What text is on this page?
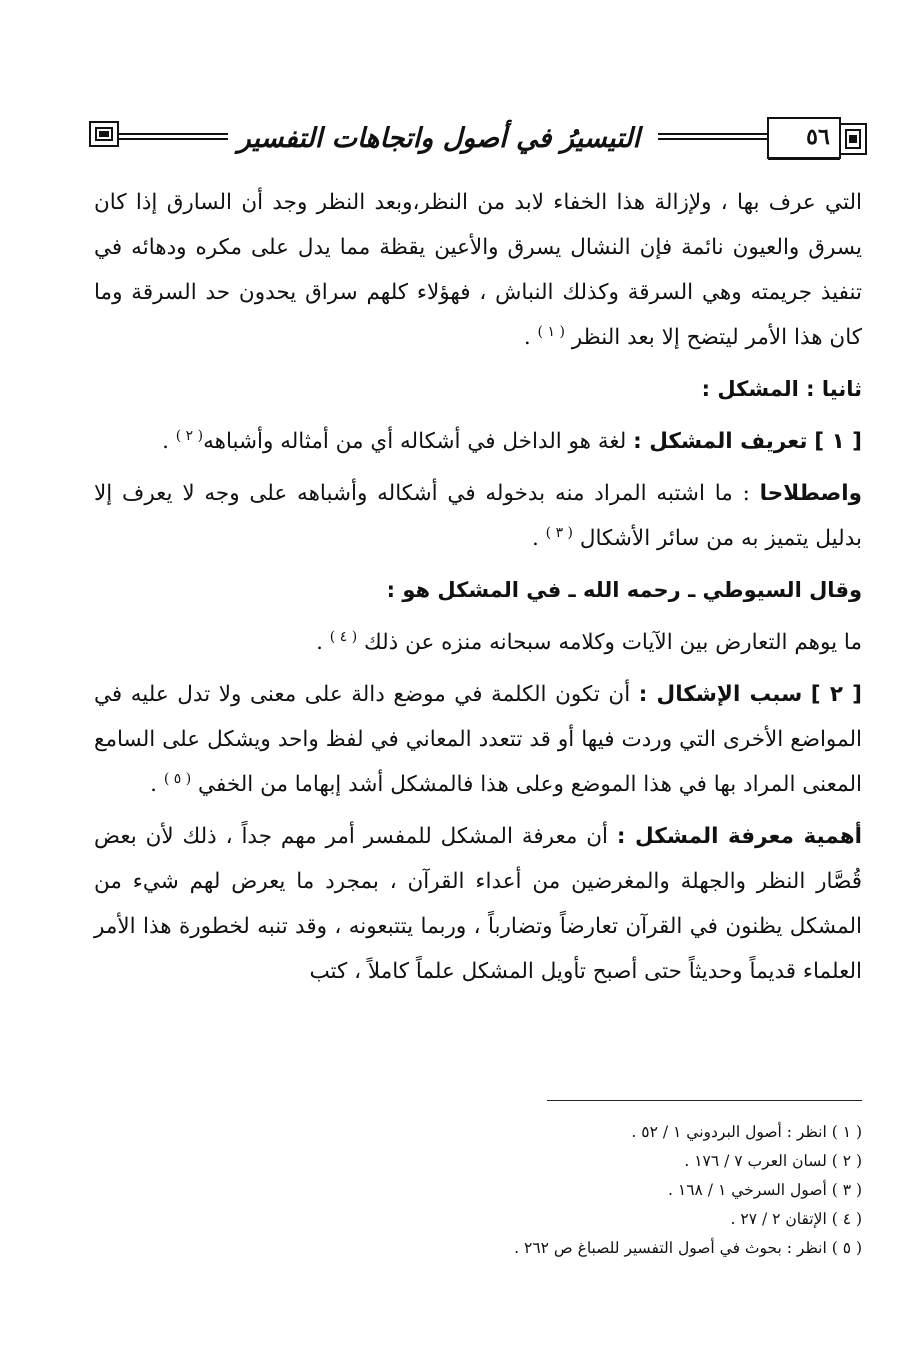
التيسيرُ في أصول واتجاهات التفسير	٥٦

التي عرف بها ، ولإزالة هذا الخفاء لابد من النظر،وبعد النظر وجد أن السارق إذا كان يسرق والعيون نائمة فإن النشال يسرق والأعين يقظة مما يدل على مكره ودهائه في تنفيذ جريمته وهي السرقة وكذلك النباش ، فهؤلاء كلهم سراق يحدون حد السرقة وما كان هذا الأمر ليتضح إلا بعد النظر $^{( ١ )}$ .

ثانيا : المشكل :

[ ١ ] تعريف المشكل : لغة هو الداخل في أشكاله أي من أمثاله وأشباهه$^{( ٢ )}$ .

واصطلاحا : ما اشتبه المراد منه بدخوله في أشكاله وأشباهه على وجه لا يعرف إلا بدليل يتميز به من سائر الأشكال $^{( ٣ )}$ .

وقال السيوطي ـ رحمه الله ـ في المشكل هو :

ما يوهم التعارض بين الآيات وكلامه سبحانه منزه عن ذلك $^{( ٤ )}$ .

[ ٢ ] سبب الإشكال : أن تكون الكلمة في موضع دالة على معنى ولا تدل عليه في المواضع الأخرى التي وردت فيها أو قد تتعدد المعاني في لفظ واحد ويشكل على السامع المعنى المراد بها في هذا الموضع وعلى هذا فالمشكل أشد إبهاما من الخفي $^{( ٥ )}$ .

أهمية معرفة المشكل : أن معرفة المشكل للمفسر أمر مهم جداً ، ذلك لأن بعض قُصَّار النظر والجهلة والمغرضين من أعداء القرآن ، بمجرد ما يعرض لهم شيء من المشكل يظنون في القرآن تعارضاً وتضارباً ، وربما يتتبعونه ، وقد تنبه لخطورة هذا الأمر العلماء قديماً وحديثاً حتى أصبح تأويل المشكل علماً كاملاً ، كتب

( ١ ) انظر : أصول البردوني ١ / ٥٢ .
( ٢ ) لسان العرب ٧ / ١٧٦ .
( ٣ ) أصول السرخي ١ / ١٦٨ .
( ٤ ) الإتقان ٢ / ٢٧ .
( ٥ ) انظر : بحوث في أصول التفسير للصباغ ص ٢٦٢ .
